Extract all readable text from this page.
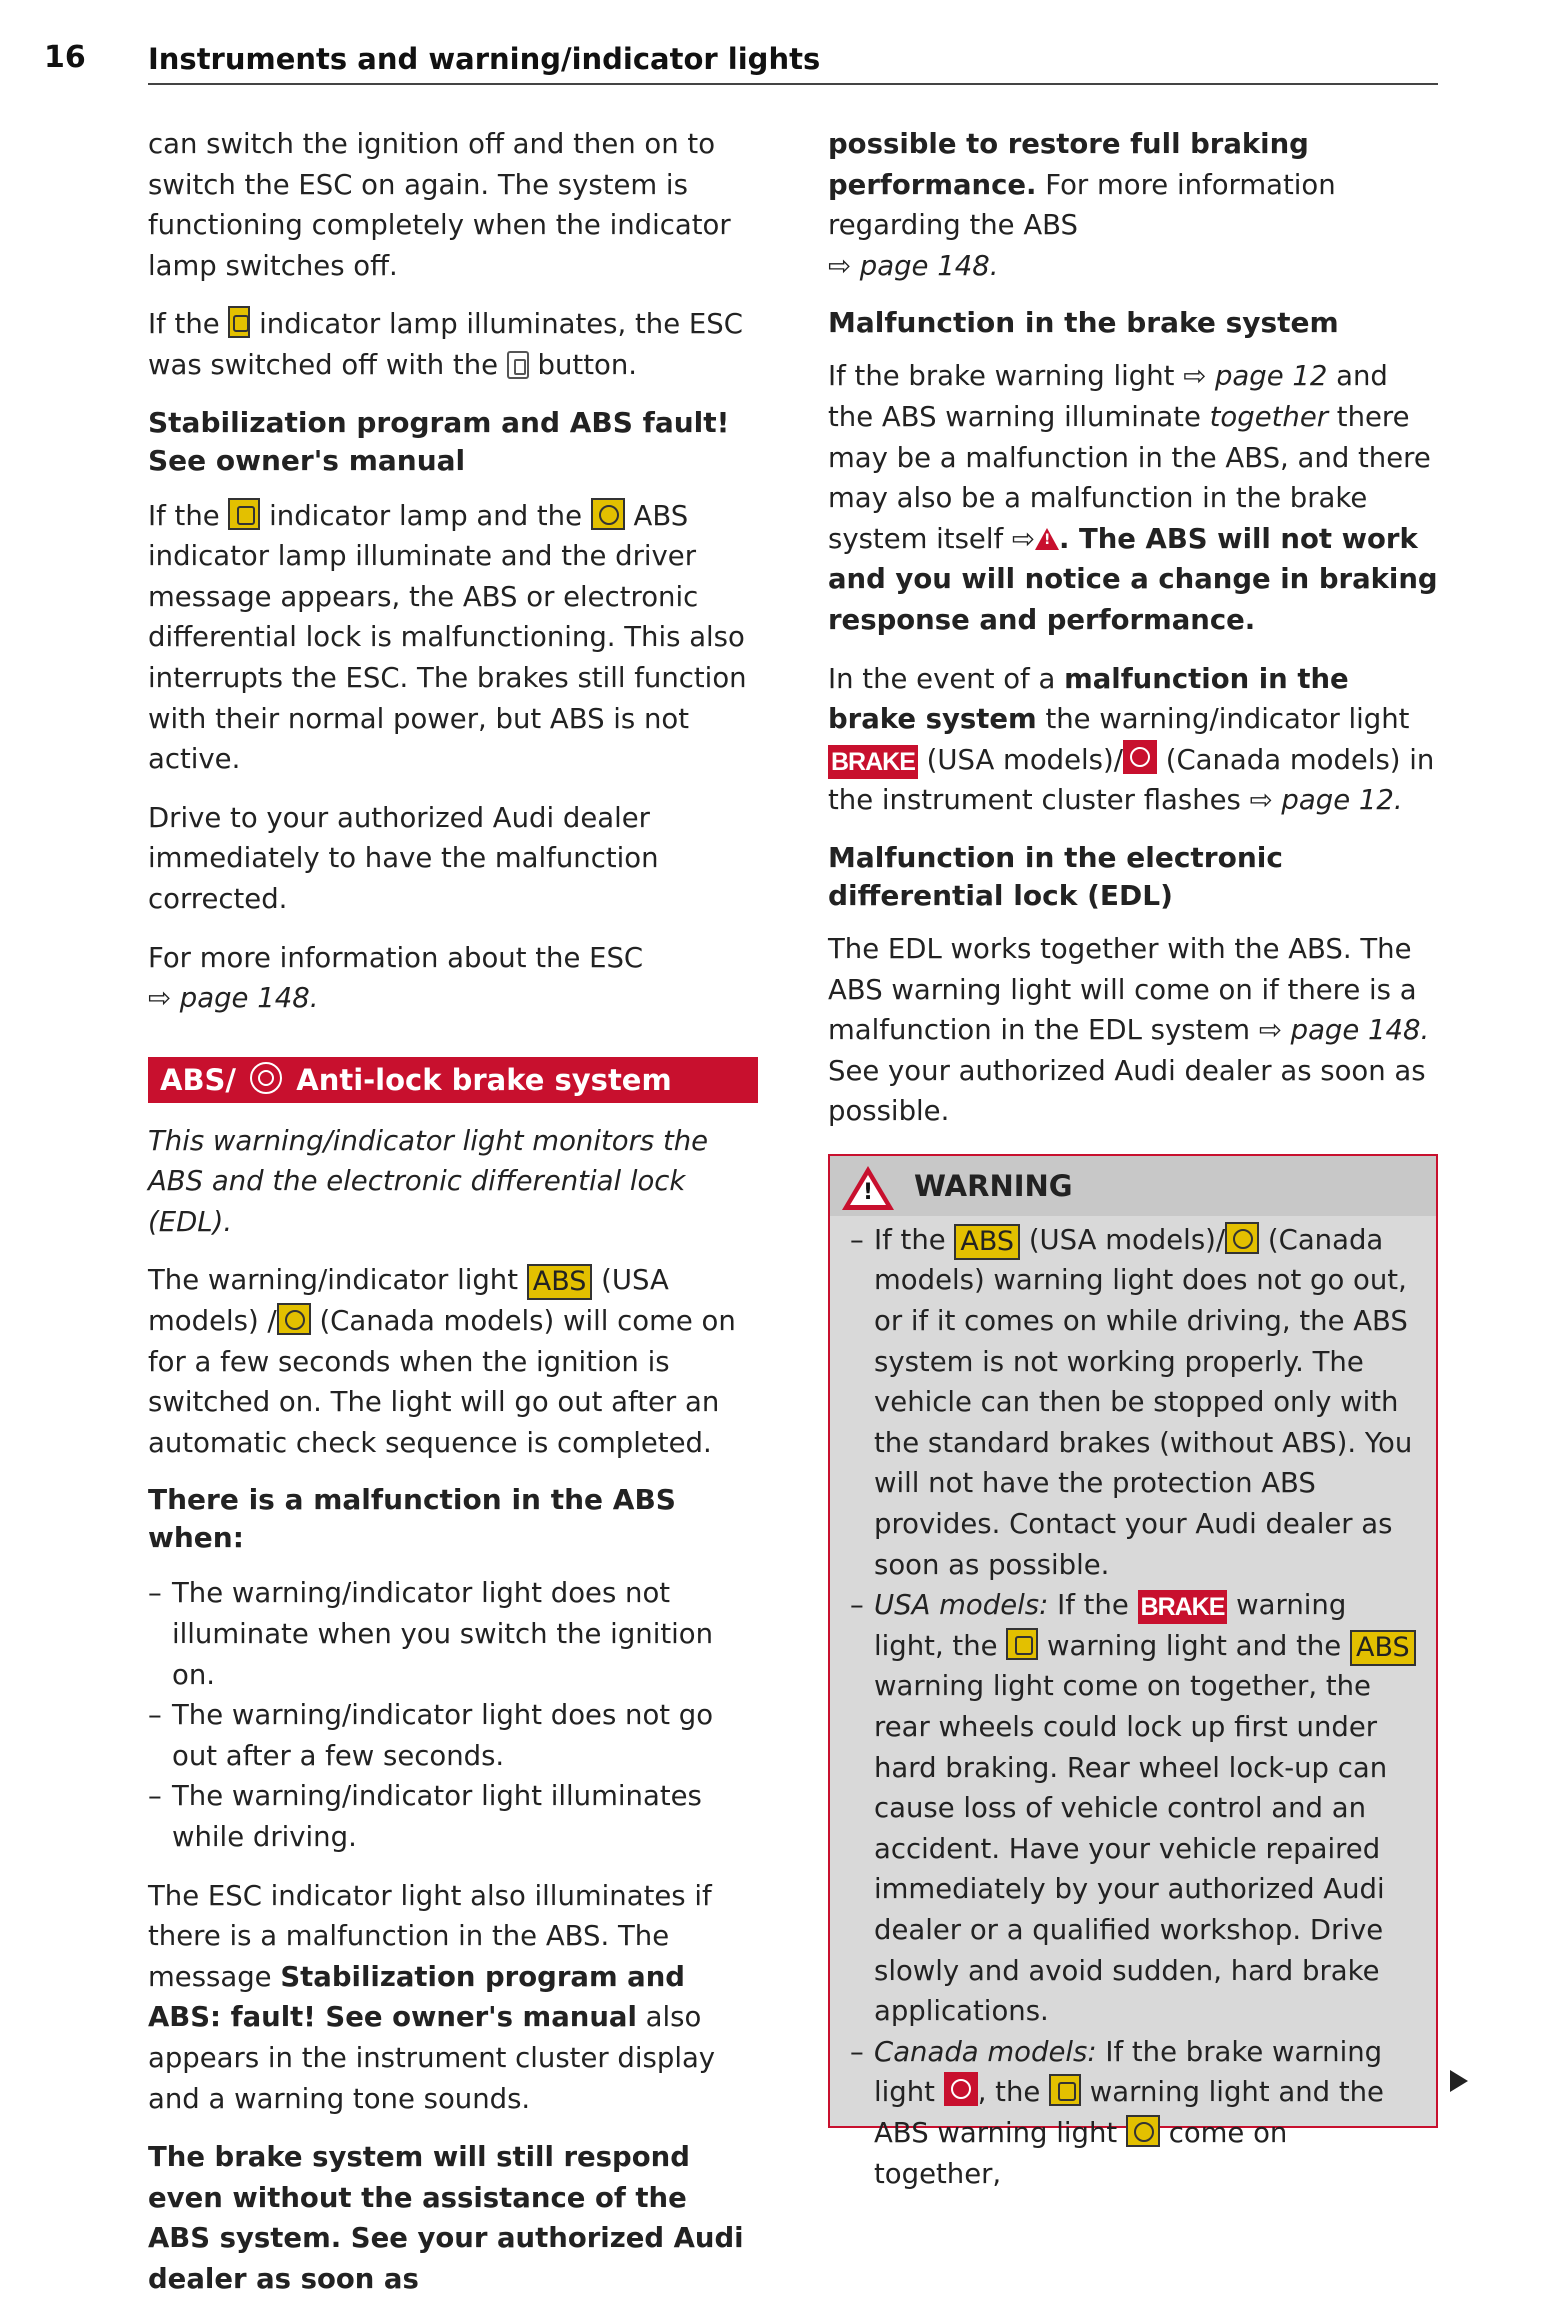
16 Instruments and warning/indicator lights

can switch the ignition off and then on to switch the ESC on again. The system is functioning completely when the indicator lamp switches off.

If the  indicator lamp illuminates, the ESC was switched off with the  button.

Stabilization program and ABS fault! See owner's manual

If the  indicator lamp and the  ABS indicator lamp illuminate and the driver message appears, the ABS or electronic differential lock is malfunctioning. This also interrupts the ESC. The brakes still function with their normal power, but ABS is not active.

Drive to your authorized Audi dealer immediately to have the malfunction corrected.

For more information about the ESC
⇨ page 148.

ABS/ Anti-lock brake system

This warning/indicator light monitors the ABS and the electronic differential lock (EDL).

The warning/indicator light ABS (USA models) / (Canada models) will come on for a few seconds when the ignition is switched on. The light will go out after an automatic check sequence is completed.

There is a malfunction in the ABS when:
– The warning/indicator light does not illuminate when you switch the ignition on.
– The warning/indicator light does not go out after a few seconds.
– The warning/indicator light illuminates while driving.

The ESC indicator light also illuminates if there is a malfunction in the ABS. The message Stabilization program and ABS: fault! See owner's manual also appears in the instrument cluster display and a warning tone sounds.

The brake system will still respond even without the assistance of the ABS system. See your authorized Audi dealer as soon as

possible to restore full braking performance. For more information regarding the ABS
⇨ page 148.

Malfunction in the brake system

If the brake warning light ⇨ page 12 and the ABS warning illuminate together there may be a malfunction in the ABS, and there may also be a malfunction in the brake system itself ⇨! . The ABS will not work and you will notice a change in braking response and performance.

In the event of a malfunction in the brake system the warning/indicator light BRAKE (USA models)/ (Canada models) in the instrument cluster flashes ⇨ page 12.

Malfunction in the electronic differential lock (EDL)

The EDL works together with the ABS. The ABS warning light will come on if there is a malfunction in the EDL system ⇨ page 148. See your authorized Audi dealer as soon as possible.

!
WARNING
– If the ABS (USA models)/ (Canada models) warning light does not go out, or if it comes on while driving, the ABS system is not working properly. The vehicle can then be stopped only with the standard brakes (without ABS). You will not have the protection ABS provides. Contact your Audi dealer as soon as possible.
– USA models: If the BRAKE warning light, the  warning light and the ABS warning light come on together, the rear wheels could lock up first under hard braking. Rear wheel lock-up can cause loss of vehicle control and an accident. Have your vehicle repaired immediately by your authorized Audi dealer or a qualified workshop. Drive slowly and avoid sudden, hard brake applications.
– Canada models: If the brake warning light , the  warning light and the ABS warning light  come on together,
